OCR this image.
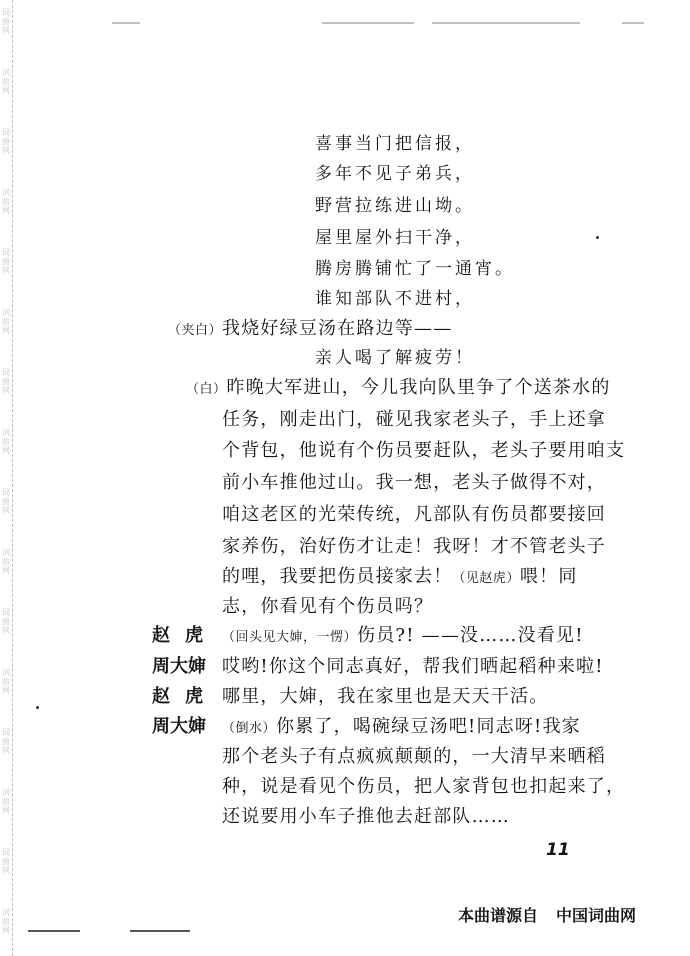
词曲网
词曲网
词曲网
词曲网
词曲网
词曲网
词曲网
词曲网
词曲网
词曲网
词曲网
词曲网
词曲网
词曲网
词曲网
词曲网
喜事当门把信报，
多年不见子弟兵，
野营拉练进山坳。
屋里屋外扫干净，
腾房腾铺忙了一通宵。
谁知部队不进村，
（夹白）我烧好绿豆汤在路边等——
亲人喝了解疲劳！
（白）昨晚大军进山，今儿我向队里争了个送茶水的
任务，刚走出门，碰见我家老头子，手上还拿
个背包，他说有个伤员要赶队，老头子要用咱支
前小车推他过山。我一想，老头子做得不对，
咱这老区的光荣传统，凡部队有伤员都要接回
家养伤，治好伤才让走！我呀！才不管老头子
的哩，我要把伤员接家去！（见赵虎）喂！同
志，你看见有个伤员吗？
赵虎 （回头见大婶，一愣）伤员?! ——没……没看见!
周大婶 哎哟!你这个同志真好，帮我们晒起稻种来啦!
赵虎 哪里，大婶，我在家里也是天天干活。
周大婶 （倒水）你累了，喝碗绿豆汤吧!同志呀!我家
那个老头子有点疯疯颠颠的，一大清早来晒稻
种，说是看见个伤员，把人家背包也扣起来了，
还说要用小车子推他去赶部队……
11
本曲谱源自 中国词曲网
